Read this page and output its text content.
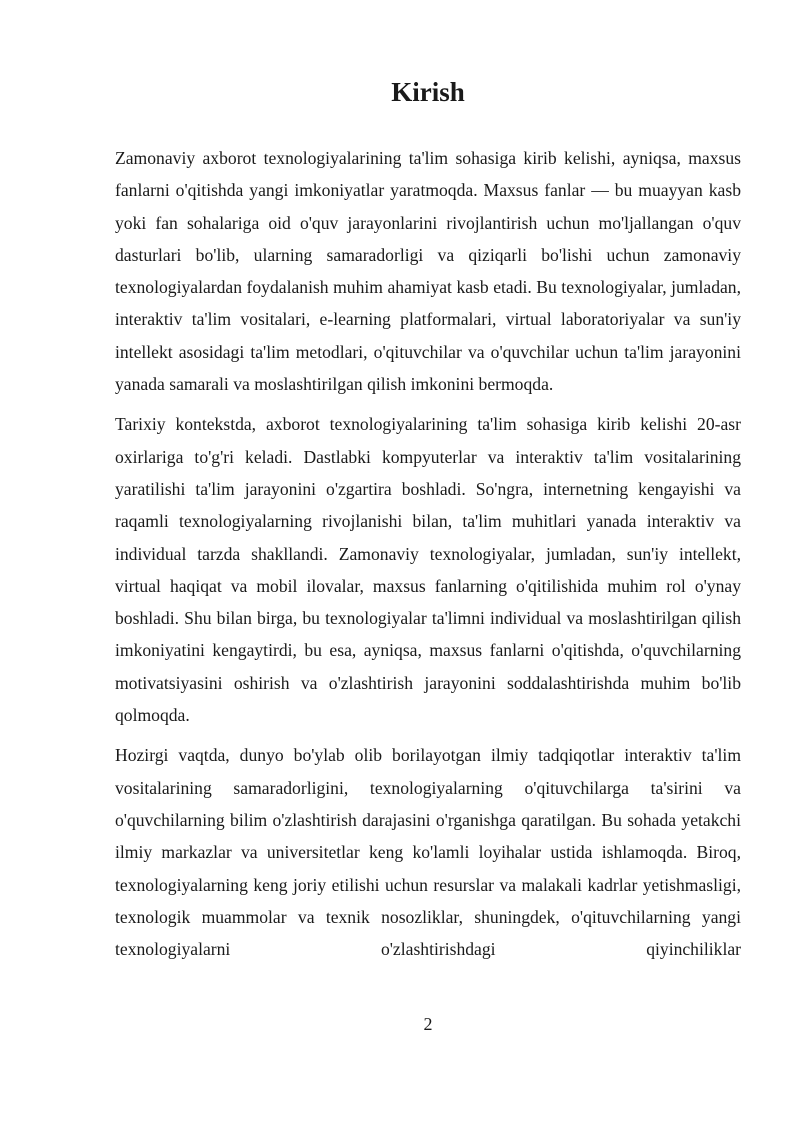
Kirish

Zamonaviy axborot texnologiyalarining ta'lim sohasiga kirib kelishi, ayniqsa, maxsus fanlarni o'qitishda yangi imkoniyatlar yaratmoqda. Maxsus fanlar — bu muayyan kasb yoki fan sohalariga oid o'quv jarayonlarini rivojlantirish uchun mo'ljallangan o'quv dasturlari bo'lib, ularning samaradorligi va qiziqarli bo'lishi uchun zamonaviy texnologiyalardan foydalanish muhim ahamiyat kasb etadi. Bu texnologiyalar, jumladan, interaktiv ta'lim vositalari, e-learning platformalari, virtual laboratoriyalar va sun'iy intellekt asosidagi ta'lim metodlari, o'qituvchilar va o'quvchilar uchun ta'lim jarayonini yanada samarali va moslashtirilgan qilish imkonini bermoqda.

Tarixiy kontekstda, axborot texnologiyalarining ta'lim sohasiga kirib kelishi 20-asr oxirlariga to'g'ri keladi. Dastlabki kompyuterlar va interaktiv ta'lim vositalarining yaratilishi ta'lim jarayonini o'zgartira boshladi. So'ngra, internetning kengayishi va raqamli texnologiyalarning rivojlanishi bilan, ta'lim muhitlari yanada interaktiv va individual tarzda shakllandi. Zamonaviy texnologiyalar, jumladan, sun'iy intellekt, virtual haqiqat va mobil ilovalar, maxsus fanlarning o'qitilishida muhim rol o'ynay boshladi. Shu bilan birga, bu texnologiyalar ta'limni individual va moslashtirilgan qilish imkoniyatini kengaytirdi, bu esa, ayniqsa, maxsus fanlarni o'qitishda, o'quvchilarning motivatsiyasini oshirish va o'zlashtirish jarayonini soddalashtirishda muhim bo'lib qolmoqda.

Hozirgi vaqtda, dunyo bo'ylab olib borilayotgan ilmiy tadqiqotlar interaktiv ta'lim vositalarining samaradorligini, texnologiyalarning o'qituvchilarga ta'sirini va o'quvchilarning bilim o'zlashtirish darajasini o'rganishga qaratilgan. Bu sohada yetakchi ilmiy markazlar va universitetlar keng ko'lamli loyihalar ustida ishlamoqda. Biroq, texnologiyalarning keng joriy etilishi uchun resurslar va malakali kadrlar yetishmasligi, texnologik muammolar va texnik nosozliklar, shuningdek, o'qituvchilarning yangi texnologiyalarni o'zlashtirishdagi qiyinchiliklar

2
